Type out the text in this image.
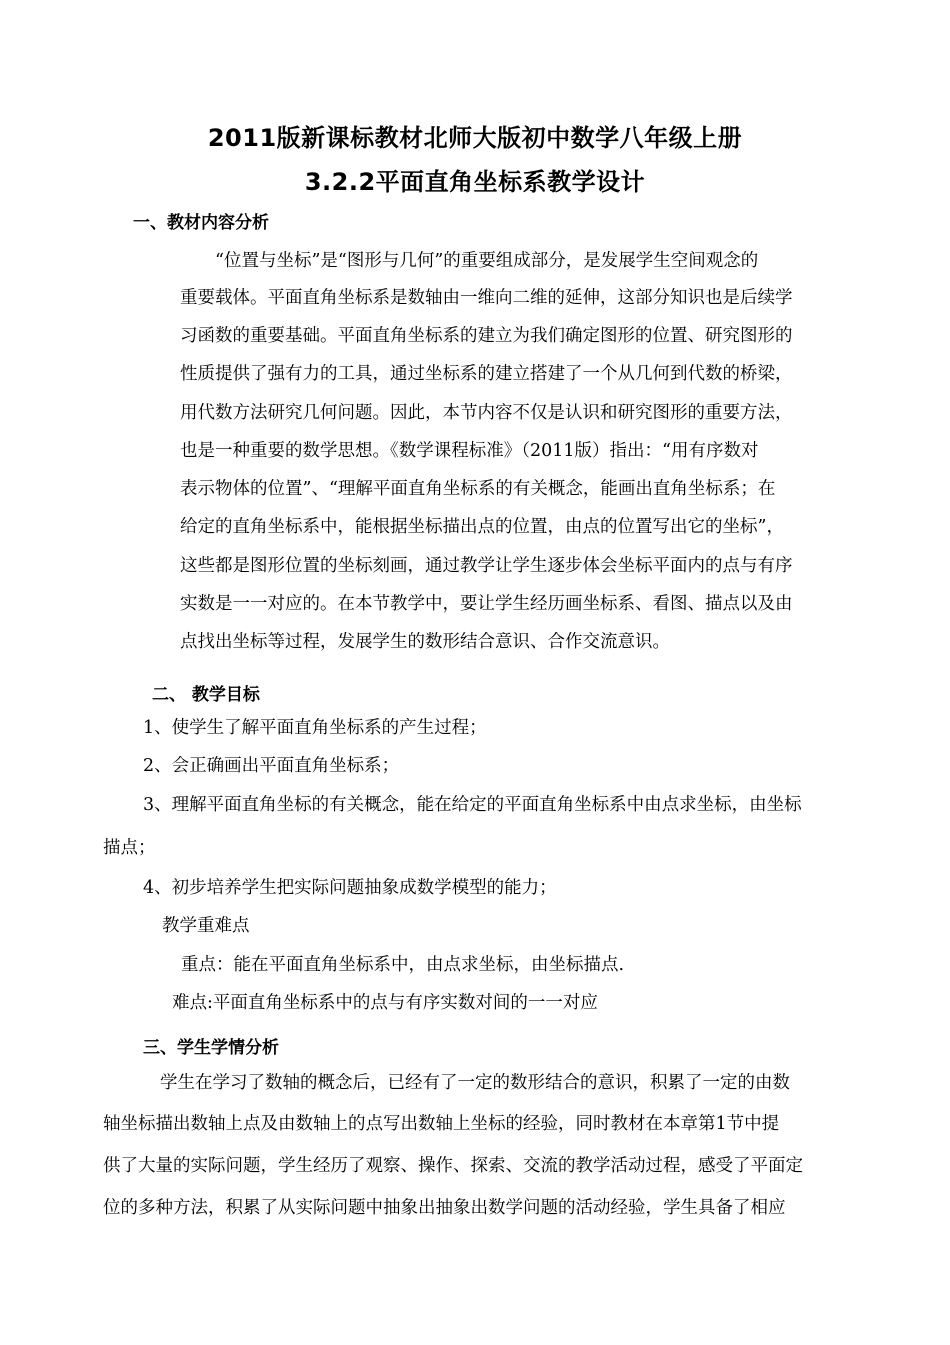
2011版新课标教材北师大版初中数学八年级上册
3.2.2平面直角坐标系教学设计
一、教材内容分析
“位置与坐标”是“图形与几何”的重要组成部分，是发展学生空间观念的
重要载体。平面直角坐标系是数轴由一维向二维的延伸，这部分知识也是后续学
习函数的重要基础。平面直角坐标系的建立为我们确定图形的位置、研究图形的
性质提供了强有力的工具，通过坐标系的建立搭建了一个从几何到代数的桥梁，
用代数方法研究几何问题。因此，本节内容不仅是认识和研究图形的重要方法，
也是一种重要的数学思想。《数学课程标准》（2011版）指出：“用有序数对
表示物体的位置”、“理解平面直角坐标系的有关概念，能画出直角坐标系；在
给定的直角坐标系中，能根据坐标描出点的位置，由点的位置写出它的坐标”，
这些都是图形位置的坐标刻画，通过教学让学生逐步体会坐标平面内的点与有序
实数是一一对应的。在本节教学中，要让学生经历画坐标系、看图、描点以及由
点找出坐标等过程，发展学生的数形结合意识、合作交流意识。
二、 教学目标
1、使学生了解平面直角坐标系的产生过程；
2、会正确画出平面直角坐标系；
3、理解平面直角坐标的有关概念，能在给定的平面直角坐标系中由点求坐标，由坐标
描点；
4、初步培养学生把实际问题抽象成数学模型的能力；
教学重难点
重点：能在平面直角坐标系中，由点求坐标，由坐标描点.
难点:平面直角坐标系中的点与有序实数对间的一一对应
三、学生学情分析
学生在学习了数轴的概念后，已经有了一定的数形结合的意识，积累了一定的由数
轴坐标描出数轴上点及由数轴上的点写出数轴上坐标的经验，同时教材在本章第1节中提
供了大量的实际问题，学生经历了观察、操作、探索、交流的教学活动过程，感受了平面定
位的多种方法，积累了从实际问题中抽象出抽象出数学问题的活动经验，学生具备了相应
